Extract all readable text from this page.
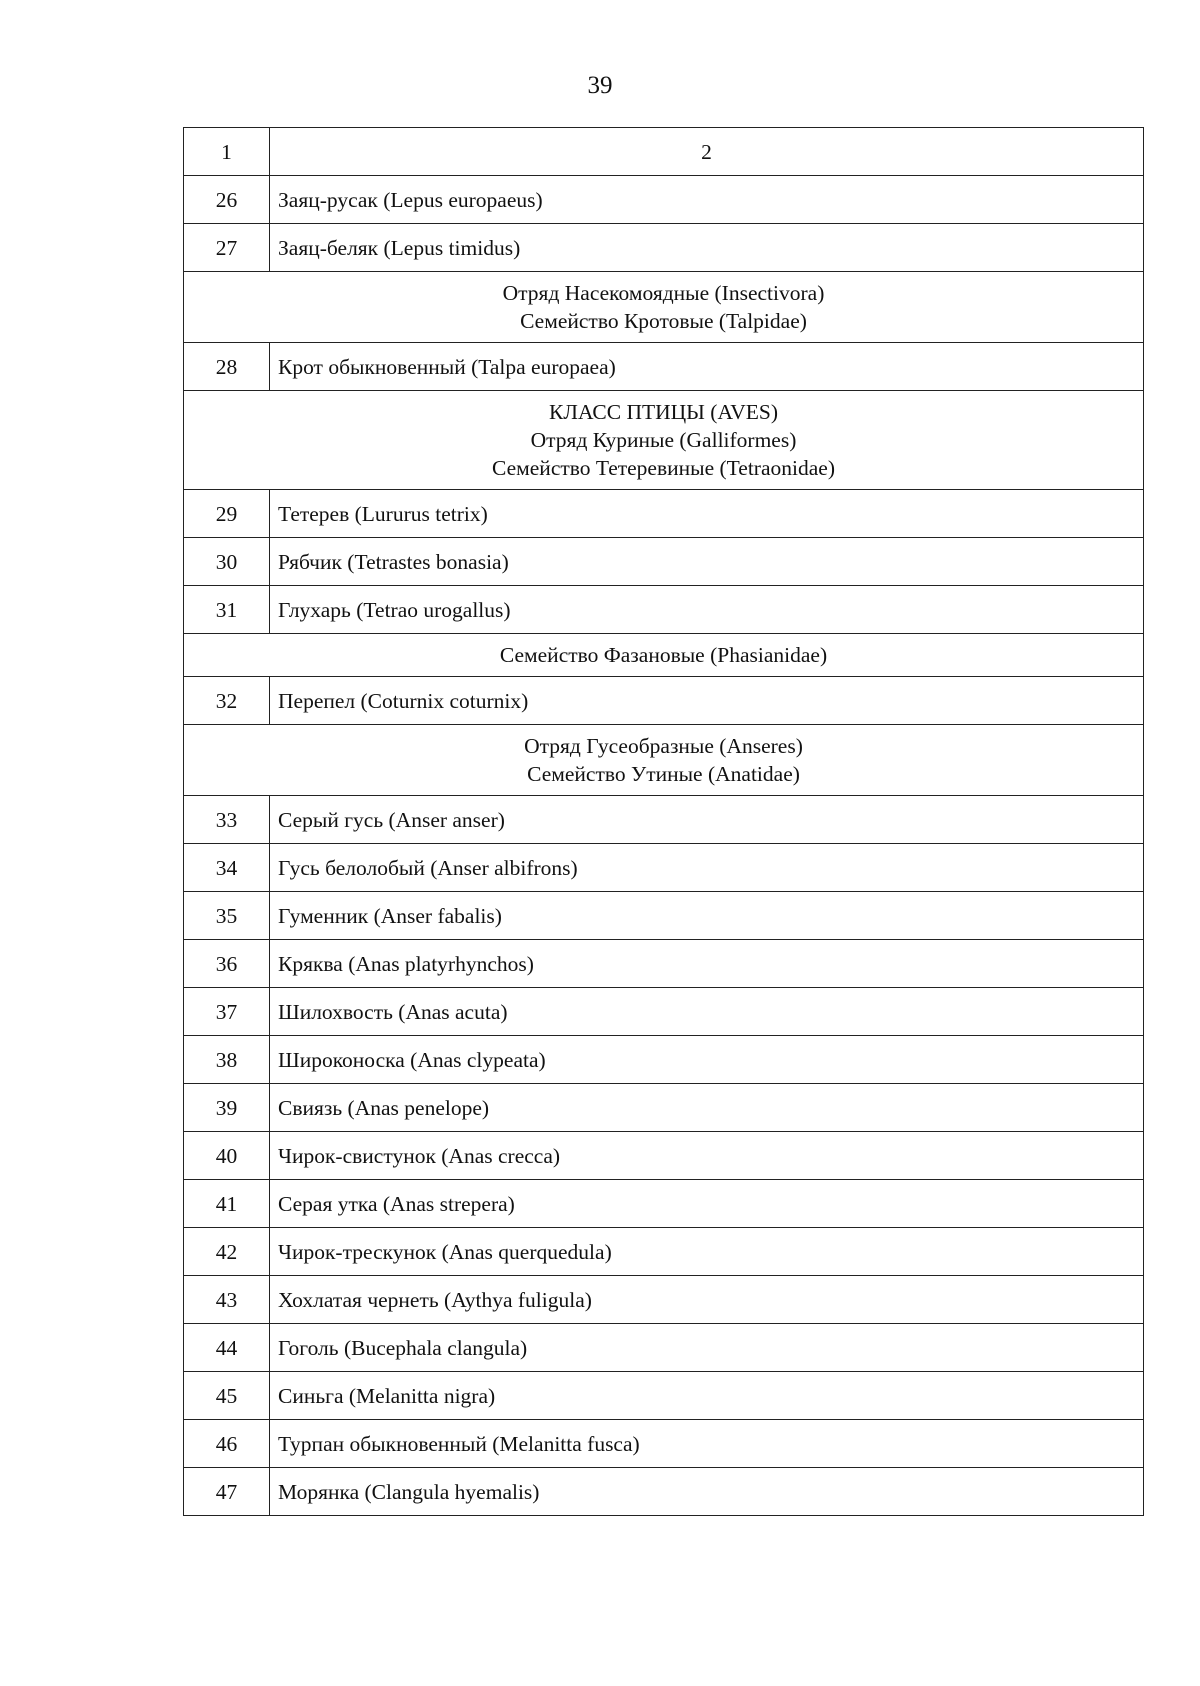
39
1	2
26	Заяц-русак (Lepus europaeus)
27	Заяц-беляк (Lepus timidus)

Отряд Насекомоядные (Insectivora)
Семейство Кротовые (Talpidae)	

28	Крот обыкновенный (Talpa europaea)

КЛАСС ПТИЦЫ (AVES)
Отряд Куриные (Galliformes)
Семейство Тетеревиные (Tetraonidae)	

29	Тетерев (Lururus tetrix)
30	Рябчик (Tetrastes bonasia)
31	Глухарь (Tetrao urogallus)

Семейство Фазановые (Phasianidae)	

32	Перепел (Coturnix coturnix)

Отряд Гусеобразные (Anseres)
Семейство Утиные (Anatidae)	

33	Серый гусь (Anser anser)
34	Гусь белолобый (Anser albifrons)
35	Гуменник (Anser fabalis)
36	Кряква (Anas platyrhynchos)
37	Шилохвость (Anas acuta)
38	Широконоска (Anas clypeata)
39	Свиязь (Anas penelope)
40	Чирок-свистунок (Anas crecca)
41	Серая утка (Anas strepera)
42	Чирок-трескунок (Anas querquedula)
43	Хохлатая чернеть (Aythya fuligula)
44	Гоголь (Bucephala clangula)
45	Синьга (Melanitta nigra)
46	Турпан обыкновенный (Melanitta fusca)
47	Морянка (Clangula hyemalis)
